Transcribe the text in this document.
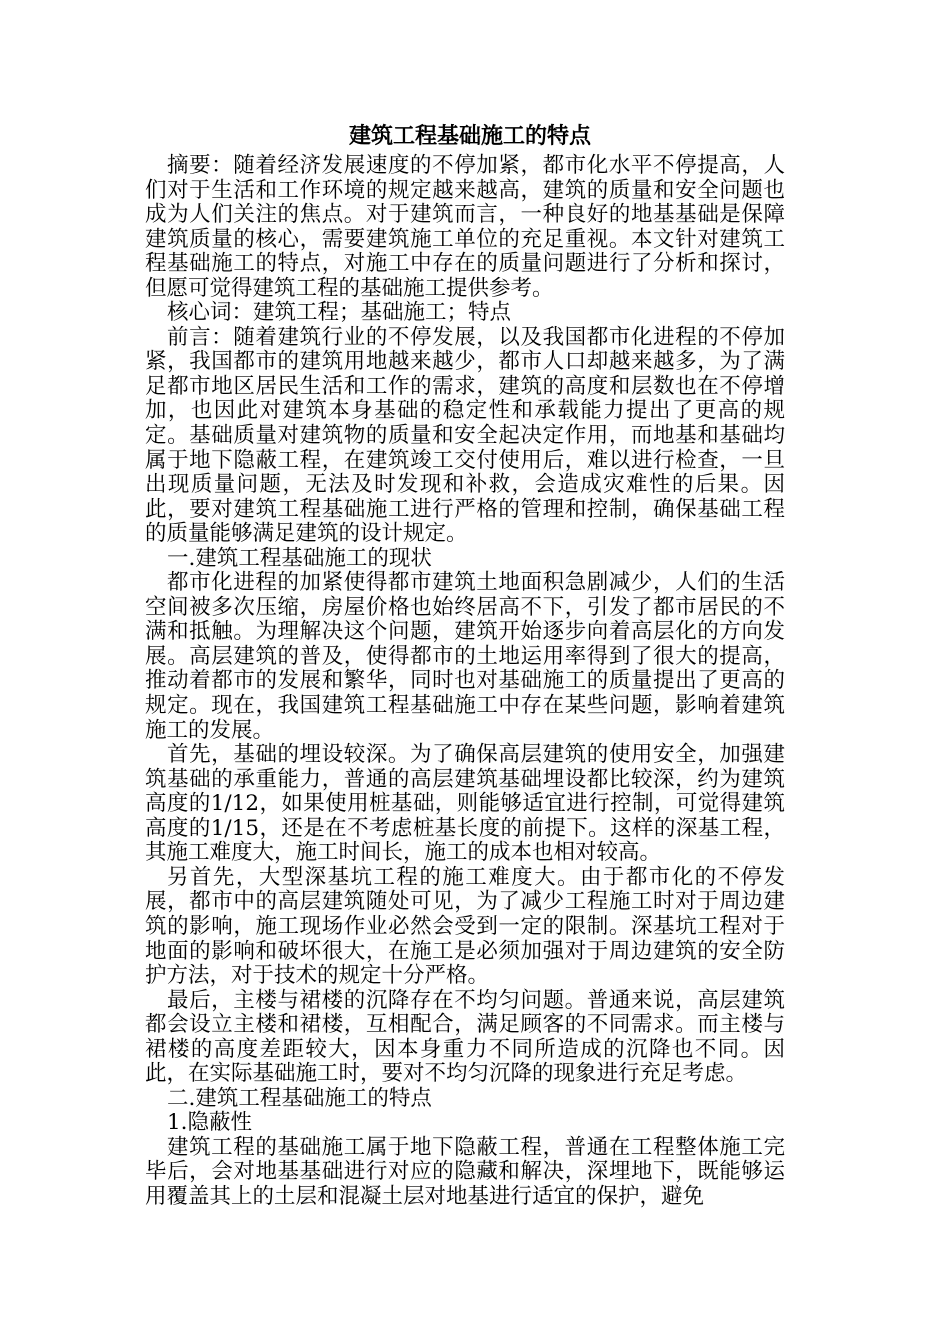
建筑工程基础施工的特点

摘要：随着经济发展速度的不停加紧，都市化水平不停提高，人们对于生活和工作环境的规定越来越高，建筑的质量和安全问题也成为人们关注的焦点。对于建筑而言，一种良好的地基基础是保障建筑质量的核心，需要建筑施工单位的充足重视。本文针对建筑工程基础施工的特点，对施工中存在的质量问题进行了分析和探讨，但愿可觉得建筑工程的基础施工提供参考。

核心词：建筑工程；基础施工；特点

前言：随着建筑行业的不停发展，以及我国都市化进程的不停加紧，我国都市的建筑用地越来越少，都市人口却越来越多，为了满足都市地区居民生活和工作的需求，建筑的高度和层数也在不停增加，也因此对建筑本身基础的稳定性和承载能力提出了更高的规定。基础质量对建筑物的质量和安全起决定作用，而地基和基础均属于地下隐蔽工程，在建筑竣工交付使用后，难以进行检查，一旦出现质量问题，无法及时发现和补救，会造成灾难性的后果。因此，要对建筑工程基础施工进行严格的管理和控制，确保基础工程的质量能够满足建筑的设计规定。

一.建筑工程基础施工的现状

都市化进程的加紧使得都市建筑土地面积急剧减少，人们的生活空间被多次压缩，房屋价格也始终居高不下，引发了都市居民的不满和抵触。为理解决这个问题，建筑开始逐步向着高层化的方向发展。高层建筑的普及，使得都市的土地运用率得到了很大的提高，推动着都市的发展和繁华，同时也对基础施工的质量提出了更高的规定。现在，我国建筑工程基础施工中存在某些问题，影响着建筑施工的发展。

首先，基础的埋设较深。为了确保高层建筑的使用安全，加强建筑基础的承重能力，普通的高层建筑基础埋设都比较深，约为建筑高度的1/12，如果使用桩基础，则能够适宜进行控制，可觉得建筑高度的1/15，还是在不考虑桩基长度的前提下。这样的深基工程，其施工难度大，施工时间长，施工的成本也相对较高。

另首先，大型深基坑工程的施工难度大。由于都市化的不停发展，都市中的高层建筑随处可见，为了减少工程施工时对于周边建筑的影响，施工现场作业必然会受到一定的限制。深基坑工程对于地面的影响和破坏很大，在施工是必须加强对于周边建筑的安全防护方法，对于技术的规定十分严格。

最后，主楼与裙楼的沉降存在不均匀问题。普通来说，高层建筑都会设立主楼和裙楼，互相配合，满足顾客的不同需求。而主楼与裙楼的高度差距较大，因本身重力不同所造成的沉降也不同。因此，在实际基础施工时，要对不均匀沉降的现象进行充足考虑。

二.建筑工程基础施工的特点

1.隐蔽性

建筑工程的基础施工属于地下隐蔽工程，普通在工程整体施工完毕后，会对地基基础进行对应的隐藏和解决，深埋地下，既能够运用覆盖其上的土层和混凝土层对地基进行适宜的保护，避免
